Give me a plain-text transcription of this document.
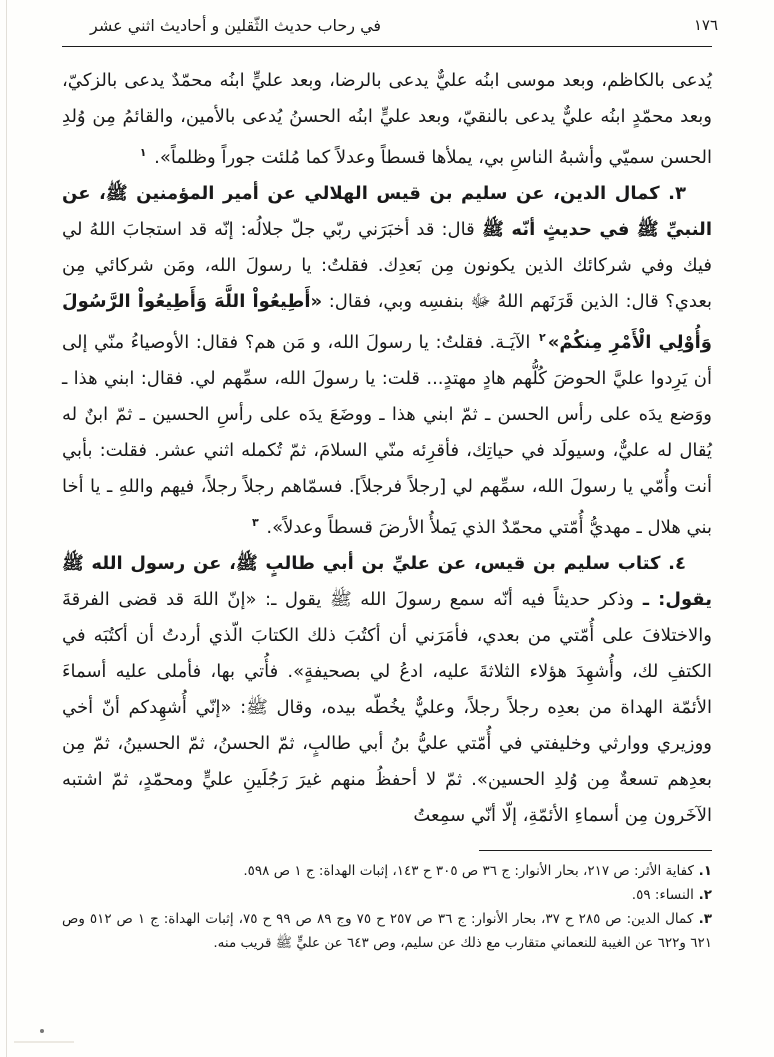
في رحاب حديث الثّقلين و أحاديث اثني عشر	١٧٦

يُدعى بالكاظم، وبعد موسى ابنُه عليٌّ يدعى بالرضا، وبعد عليٍّ ابنُه محمّدٌ يدعى بالزكيّ، وبعد محمّدٍ ابنُه عليٌّ يدعى بالنقيّ، وبعد عليٍّ ابنُه الحسنُ يُدعى بالأمين، والقائمُ مِن وُلدِ الحسن سميّي وأشبهُ الناسِ بي، يملأها قسطاً وعدلاً كما مُلئت جوراً وظلماً». $^١$

٣. كمال الدين، عن سليم بن قيس الهلالي عن أمير المؤمنين ﷺ، عن النبيِّ ﷺ في حديثٍ أنّه ﷺ قال: قد أخبَرَني ربّي جلّ جلالُه: إنّه قد استجابَ اللهُ لي فيك وفي شركائك الذين يكونون مِن بَعدِك. فقلتُ: يا رسولَ الله، ومَن شركائي مِن بعدي؟ قال: الذين قَرَنَهم اللهُ ﷻ بنفسِه وبي، فقال: «أَطِيعُواْ اللَّهَ وَأَطِيعُواْ الرَّسُولَ وَأُوْلِي الْأَمْرِ مِنكُمْ»$^٢$ الآيَـة. فقلتُ: يا رسولَ الله، و مَن هم؟ فقال: الأوصياءُ منّي إلى أن يَرِدوا عليَّ الحوضَ كُلُّهم هادٍ مهتدٍ... قلت: يا رسولَ الله، سمِّهم لي. فقال: ابني هذا ـ ووَضع يدَه على رأس الحسن ـ ثمّ ابني هذا ـ ووضَعَ يدَه على رأسِ الحسين ـ ثمّ ابنٌ له يُقال له عليٌّ، وسيولَد في حياتِك، فأقرِئه منّي السلامَ، ثمّ تُكمله اثني عشر. فقلت: بأبي أنت وأُمّي يا رسولَ الله، سمِّهم لي [رجلاً فرجلاً]. فسمّاهم رجلاً رجلاً، فيهم واللهِ ـ يا أخا بني هلال ـ مهديُّ أُمّتي محمّدٌ الذي يَملأُ الأرضَ قسطاً وعدلاً». $^٣$

٤. كتاب سليم بن قيس، عن عليِّ بن أبي طالبٍ ﷺ، عن رسول الله ﷺ يقول: ـ وذكر حديثاً فيه أنّه سمع رسولَ الله ﷺ يقول ـ: «إنّ اللهَ قد قضى الفرقةَ والاختلافَ على أُمّتي من بعدي، فأمَرَني أن أكتُبَ ذلك الكتابَ الّذي أردتُ أن أكتُبَه في الكتفِ لك، وأُشهِدَ هؤلاء الثلاثةَ عليه، ادعُ لي بصحيفةٍ». فأُتي بها، فأملى عليه أسماءَ الأئمّة الهداة من بعدِه رجلاً رجلاً، وعليٌّ يخُطّه بيده، وقال ﷺ: «إنّي أُشهِدكم أنّ أخي ووزيري ووارثي وخليفتي في أُمّتي عليُّ بنُ أبي طالبٍ، ثمّ الحسنُ، ثمّ الحسينُ، ثمّ مِن بعدِهم تسعةٌ مِن وُلدِ الحسين». ثمّ لا أحفظُ منهم غيرَ رَجُلَينِ عليٍّ ومحمّدٍ، ثمّ اشتبه الآخَرون مِن أسماءِ الأئمّةِ، إلّا أنّي سمِعتُ

١. كفاية الأثر: ص ٢١٧، بحار الأنوار: ج ٣٦ ص ٣٠٥ ح ١٤٣، إثبات الهداة: ج ١ ص ٥٩٨.
٢. النساء: ٥٩.
٣. كمال الدين: ص ٢٨٥ ح ٣٧، بحار الأنوار: ج ٣٦ ص ٢٥٧ ح ٧٥ وج ٨٩ ص ٩٩ ح ٧٥، إثبات الهداة: ج ١ ص ٥١٢ وص ٦٢١ و٦٢٢ عن الغيبة للنعماني متقارب مع ذلك عن سليم، وص ٦٤٣ عن عليٍّ ﷺ قريب منه.
